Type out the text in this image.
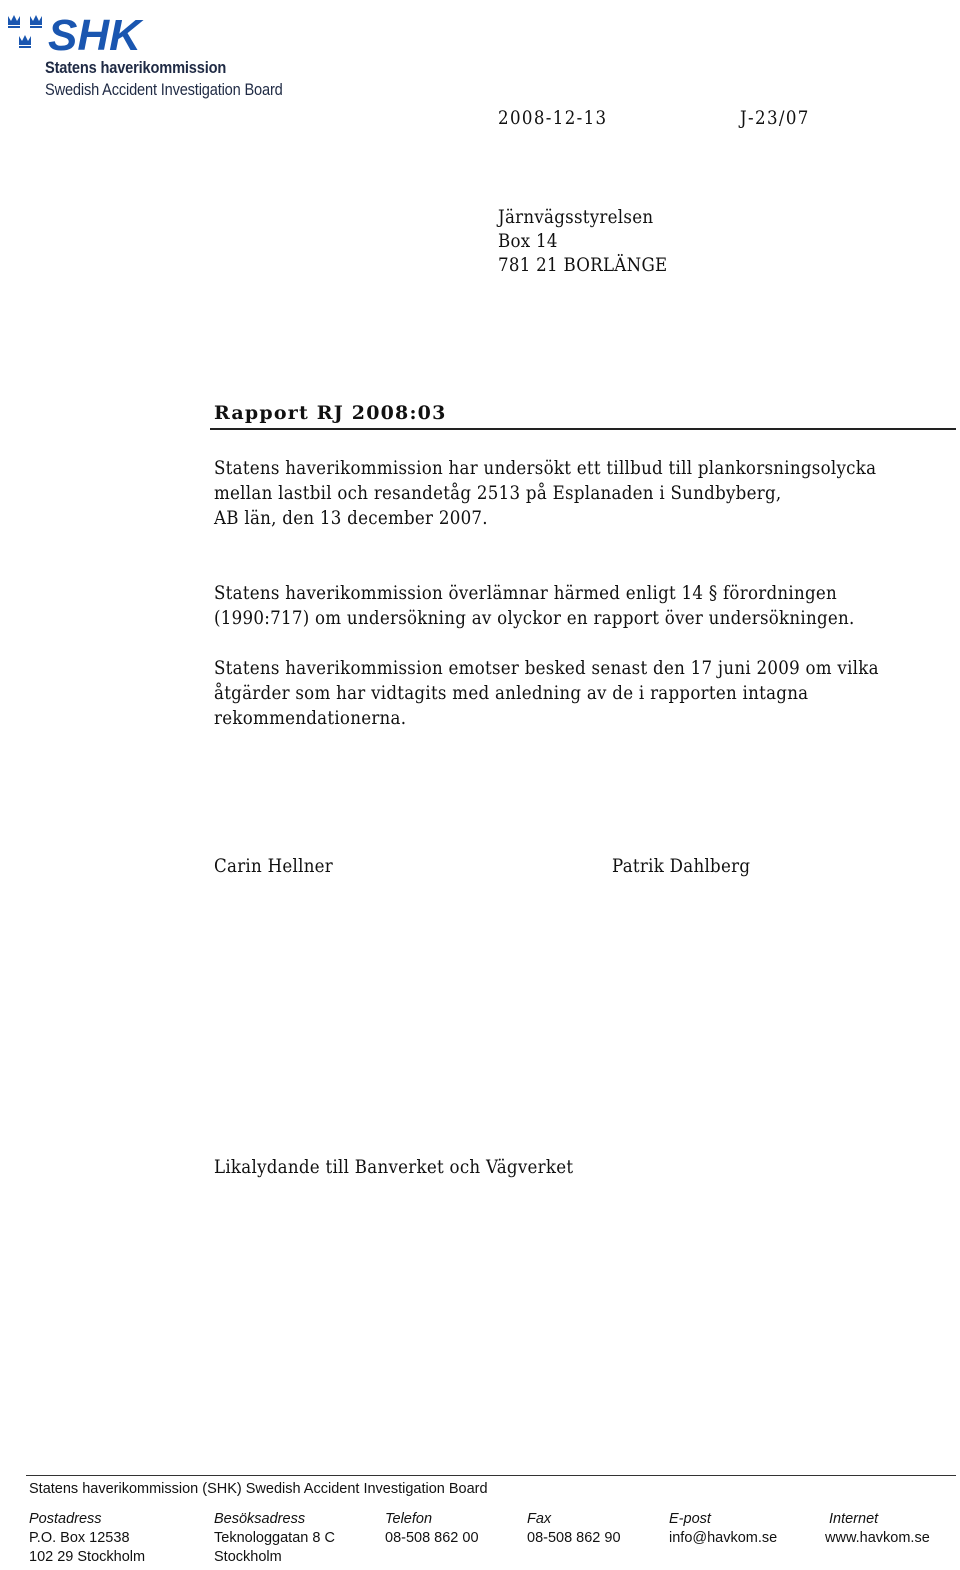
SHK
Statens haverikommission
Swedish Accident Investigation Board
2008-12-13	J-23/07
Järnvägsstyrelsen
Box 14
781 21 BORLÄNGE
Rapport RJ 2008:03
Statens haverikommission har undersökt ett tillbud till plankorsningsolycka
mellan lastbil och resandetåg 2513 på Esplanaden i Sundbyberg,
AB län, den 13 december 2007.
Statens haverikommission överlämnar härmed enligt 14 § förordningen
(1990:717) om undersökning av olyckor en rapport över undersökningen.
Statens haverikommission emotser besked senast den 17 juni 2009 om vilka
åtgärder som har vidtagits med anledning av de i rapporten intagna
rekommendationerna.
Carin Hellner	Patrik Dahlberg
Likalydande till Banverket och Vägverket
Statens haverikommission (SHK) Swedish Accident Investigation Board
Postadress
P.O. Box 12538
102 29 Stockholm
Besöksadress
Teknologgatan 8 C
Stockholm
Telefon
08-508 862 00
Fax
08-508 862 90
E-post
info@havkom.se
Internet
www.havkom.se
